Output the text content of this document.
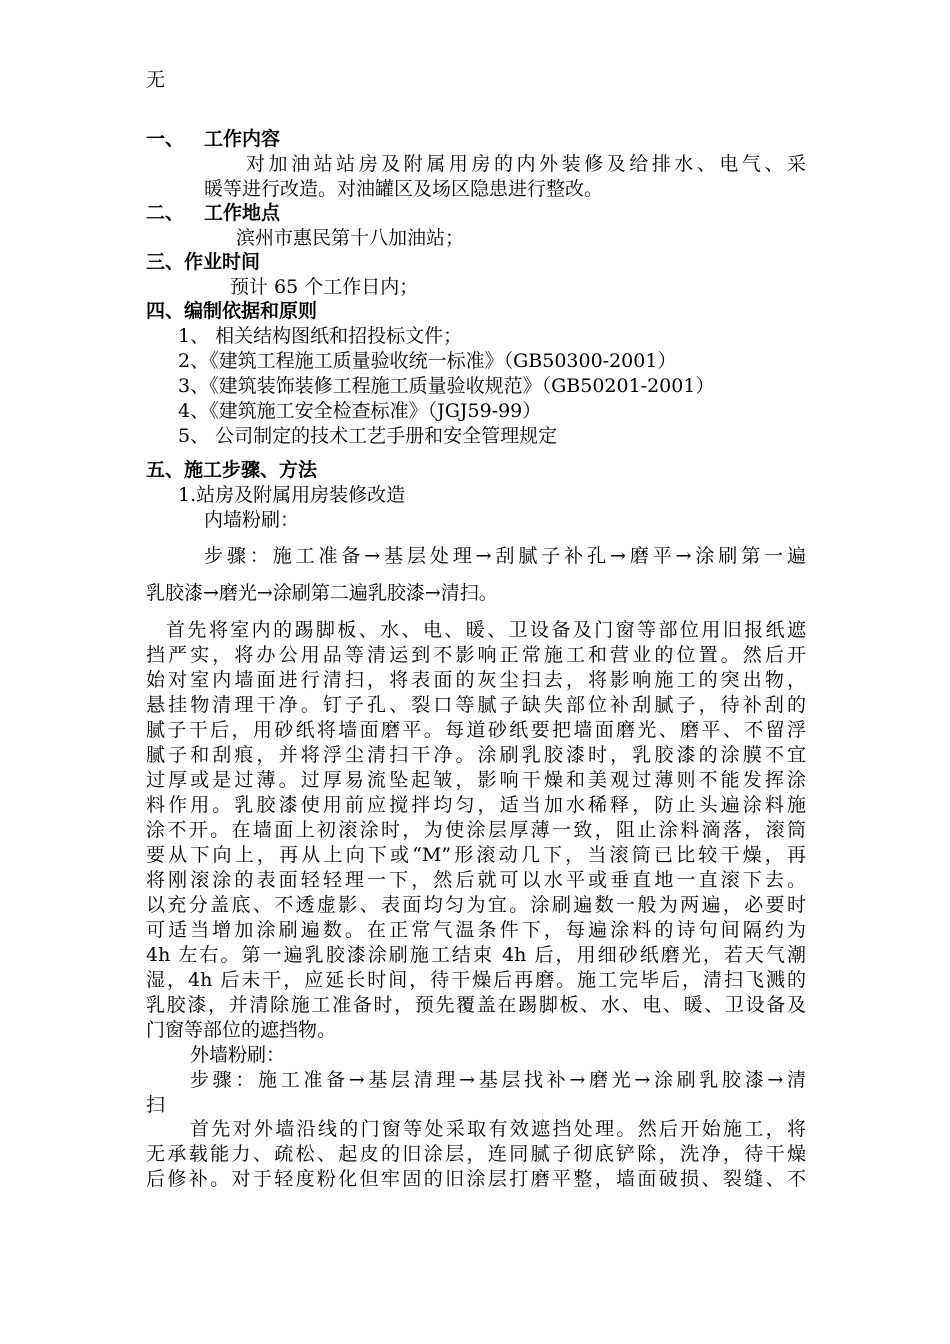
无
一、 工作内容
对加油站站房及附属用房的内外装修及给排水、电气、采
暖等进行改造。对油罐区及场区隐患进行整改。
二、 工作地点
滨州市惠民第十八加油站；
三、作业时间
预计 65 个工作日内；
四、编制依据和原则
1、 相关结构图纸和招投标文件；
2、《建筑工程施工质量验收统一标准》（GB50300-2001）
3、《建筑装饰装修工程施工质量验收规范》（GB50201-2001）
4、《建筑施工安全检查标准》（JGJ59-99）
5、 公司制定的技术工艺手册和安全管理规定
五、施工步骤、方法
1.站房及附属用房装修改造
内墙粉刷：
步骤：施工准备→基层处理→刮腻子补孔→磨平→涂刷第一遍
乳胶漆→磨光→涂刷第二遍乳胶漆→清扫。
首先将室内的踢脚板、水、电、暖、卫设备及门窗等部位用旧报纸遮
挡严实，将办公用品等清运到不影响正常施工和营业的位置。然后开
始对室内墙面进行清扫，将表面的灰尘扫去，将影响施工的突出物，
悬挂物清理干净。钉子孔、裂口等腻子缺失部位补刮腻子，待补刮的
腻子干后，用砂纸将墙面磨平。每道砂纸要把墙面磨光、磨平、不留浮
腻子和刮痕，并将浮尘清扫干净。涂刷乳胶漆时，乳胶漆的涂膜不宜
过厚或是过薄。过厚易流坠起皱，影响干燥和美观过薄则不能发挥涂
料作用。乳胶漆使用前应搅拌均匀，适当加水稀释，防止头遍涂料施
涂不开。在墙面上初滚涂时，为使涂层厚薄一致，阻止涂料滴落，滚筒
要从下向上，再从上向下或“M”形滚动几下，当滚筒已比较干燥，再
将刚滚涂的表面轻轻理一下，然后就可以水平或垂直地一直滚下去。
以充分盖底、不透虚影、表面均匀为宜。涂刷遍数一般为两遍，必要时
可适当增加涂刷遍数。在正常气温条件下，每遍涂料的诗句间隔约为
4h 左右。第一遍乳胶漆涂刷施工结束 4h 后，用细砂纸磨光，若天气潮
湿，4h 后未干，应延长时间，待干燥后再磨。施工完毕后，清扫飞溅的
乳胶漆，并清除施工准备时，预先覆盖在踢脚板、水、电、暖、卫设备及
门窗等部位的遮挡物。
外墙粉刷：
步骤：施工准备→基层清理→基层找补→磨光→涂刷乳胶漆→清
扫
首先对外墙沿线的门窗等处采取有效遮挡处理。然后开始施工，将
无承载能力、疏松、起皮的旧涂层，连同腻子彻底铲除，洗净，待干燥
后修补。对于轻度粉化但牢固的旧涂层打磨平整，墙面破损、裂缝、不
